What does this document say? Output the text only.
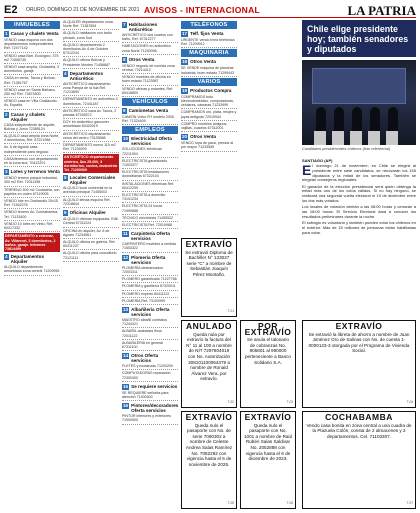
E2 ORURO, DOMINGO 21 DE NOVIEMBRE DE 2021 AVISOS - INTERNACIONAL	LA PATRIA
INMUEBLES
1 Casas y chalets Venta
VENDO casa esquina con dos departamentos independientes Ref. 72477142
VENDO casa Barr. Ecológico, 375 m2 71506745
VENDO casa amplia, Ciudadela, 3 dormitorios, garaje
CASA en venta, Tacna y Bolívar, Ref: 71381767
VENDO casa en Santa Bárbara, 250 m2 Ref. 73874500
VENDO casa en Villa Challacollo, Av. España
2 Casas y chalets Alquiler
CASA independiente de alquiler, Bolívar y Junín 72389124
ALQUILO casa amplia zona Norte, 4 dormitorios, Ref. 67221988
Av. 6 de Agosto casa independiente para negocio
CASA/terrenos con departamento en la zona sud, 70412201
3 Lotes y terrenos Venta
VENDO terreno parque industrial, 300 m2 Ref. 72011398
TERRENO 500 m2 Ciudadela, con papeles en orden 67119005
VENDO lote en Challacollo 20x15 Ref. 71542276
VENDO terreno Av. Cochabamba, Tel. 71133400
VENDO 10 lotes en Vinto, Ref. 60417332
DEPARTAMENTO a estrenar, Av. Villarroel, 3 dormitorios, 2 baños, garaje. Informes 73814499
4 Departamentos Alquiler
ALQUILO departamento amueblado zona central 71209955
ALQUILER departamento zona Norte Ref. 71387654
ALQUILO habitación con baño privado, zona Sud
ALQUILO departamento 2 dormitorios Av. 6 de Octubre 67312244
ALQUILO oficina Bolívar y Presidente Montes 71456687
4 Departamentos Anticrético
ANTICRÉTICO departamento zona Pampa de la Isla Ref. 71213890
DEPARTAMENTO en anticrético 3 dormitorios, 72441187
ANTICRÉTICO casa Av. Tacna, 2 plantas 67345572
DOY en anticrético garzonier amueblado 60420019
ANTICRÉTICO departamento cerca del centro 73125588
DEPARTAMENTO nuevo 115 m2 Ref. 71234009
ANTICRÉTICO departamento céntrico, $us 25.000, 3 dormitorios, cocina, lavandería Tel. 71200000
5 Locales Comerciales Alquiler
ALQUILO local comercial en la avenida principal 71455003
ALQUILO tienda esquina Ref. 72318844
6 Oficinas Alquiler
ALQUILO oficinas equipadas, Edif. Central 67311224
OFICINA en alquiler, Av. 6 de Agosto 71234561
ALQUILO oficina en galería, Ref. 60411237
ALQUILO oficina para consultorio 73121111
7 Habitaciones Anticrético
ANTICRÉTICO dos cuartos con baño, Ref. 67312277
HABITACIONES en anticrético zona Norte 71240096
8 Otros Venta
VENDO negocio de comida zona central, 72214412
VENDO muebles de oficina en buen estado 71123987
VENDO vitrinas y estantes, Ref. 60418800
VEHÍCULOS
9 Camionetas Venta
CAMIÓN Volvo FH modelo 2005 Ref. 71324409
EMPLEOS
10 Electricidad Oferta servicios
SOLUCIONES eléctricas 72211904
ELECTRICISTA garantizado 71003377
ELECTRICISTA instalaciones domiciliarias 67322104
INSTALACIONES eléctricas Ref. 60412299
ELECTRICISTA a domicilio 73101234
ELECTRICISTA 24 horas 71999888
TÉCNICO electricista 71455522
ELECTRICISTA Ref. 72019988
11 Carpintería Oferta servicios
CARPINTERO muebles a medida 71553322
12 Plomería Oferta servicios
PLOMERÍA destrancados 72003311
PLOMERO garantizado 71227766
PLOMERÍA y gasfitería 67320011
PLOMERO experto 60411122
PLOMERÍA Ref. 73100999
13 Albañilería Oferta servicios
MAESTRO albañil contratos 71244321
ALBAÑIL acabados finos 72011122
ALBAÑILERÍA en general 67311100
14 Otros Oferta servicios
FLETES y mudanzas 71200200
COMPUTADORAS reparación 72300300
15 Se requiere servicios
SE REQUIERE señorita para atención 71400400
16 Pintores/decoradores Oferta servicios
PINTOR interiores y exteriores 71500500
TELÉFONOS
17 Telf. fijos Venta
URGENTE vendo línea telefónica Ref. 71209912
MAQUINARIA
18 Otros Venta
SE VENDE máquina de planchar industrial, buen estado 71299443
VARIOS
19 Productos Compra
COMPRAMOS todo electrodoméstico, computadoras, celulares, cámaras 71233999
COMPRAMOS oro, plata, relojes y joyas antiguas 72019944
COMPRO muebles antiguos, vajillas, cuadros 67312001
20 Otros Venta
VENDO ropa de paca, precios al por mayor 71233555
Chile elige presidente hoy; también senadores y diputados
Candidatos presidenciales chilenos (foto referencial).
SANTIAGO (AP)

El domingo 21 de noviembre, en Chile se elegirá al presidente entre siete candidatos, se renovarán los 155 diputados y la mitad de los senadores. También se elegirán consejeros regionales.

El ganador de la elección presidencial será quien obtenga la mitad más uno de los votos válidos. Si no hay ninguno, se realizará una segunda vuelta electoral el 19 de diciembre entre los dos más votados.

Los locales de votación abrirán a las 08:00 horas y cerrarán a las 18:00 horas. El Servicio Electoral dará a conocer los resultados preliminares durante la noche.

El sufragio es voluntario y también pueden votar los chilenos en el exterior. Más de 15 millones de personas están habilitadas para votar.

EXTRAVÍO
Se extravió Diploma de Bachiller N° 133027 serie "C" a nombre de Sebastián Joaquín Pérez Montaño.
T-01
ANULADO
Queda nula por extravío la factura del N° 11 al 100 a nombre de NIT 7297804019 con No. Autorización 308101100064379 a nombre de Ronald Álvarez Vera, por extravío.
T-02
POR EXTRAVÍO
Se anula el talonario de cobranzas No. 905801 al 990000 perteneciente a Banco Solidario S.A.
T-03
EXTRAVÍO
Se extravió la libreta de ahorro a nombre de Juan Jiménez Oro de Salinas con No. de cuenta 1-0000123-3 otorgada por el Programa de Vivienda Social.
T-04
EXTRAVÍO
Queda nulo el pasaporte con No. de serie 7090302 a nombre de Celeste Andrea Salas Ramírez No. 7082292 con vigencia hasta el 6 de noviembre de 2025.
T-05
EXTRAVÍO
Queda nulo el pasaporte con No. 1001 a nombre de Raúl Rubén Salas Saldivar No. 2052888 con vigencia hasta el 6 de diciembre de 2023.
T-06
COCHABAMBA
Vendo casa bonita en zona central a una cuadra de la Plazuela Colón, consta de 2 almacenes y 3 departamentos. Cel. 71103307.
T-07
